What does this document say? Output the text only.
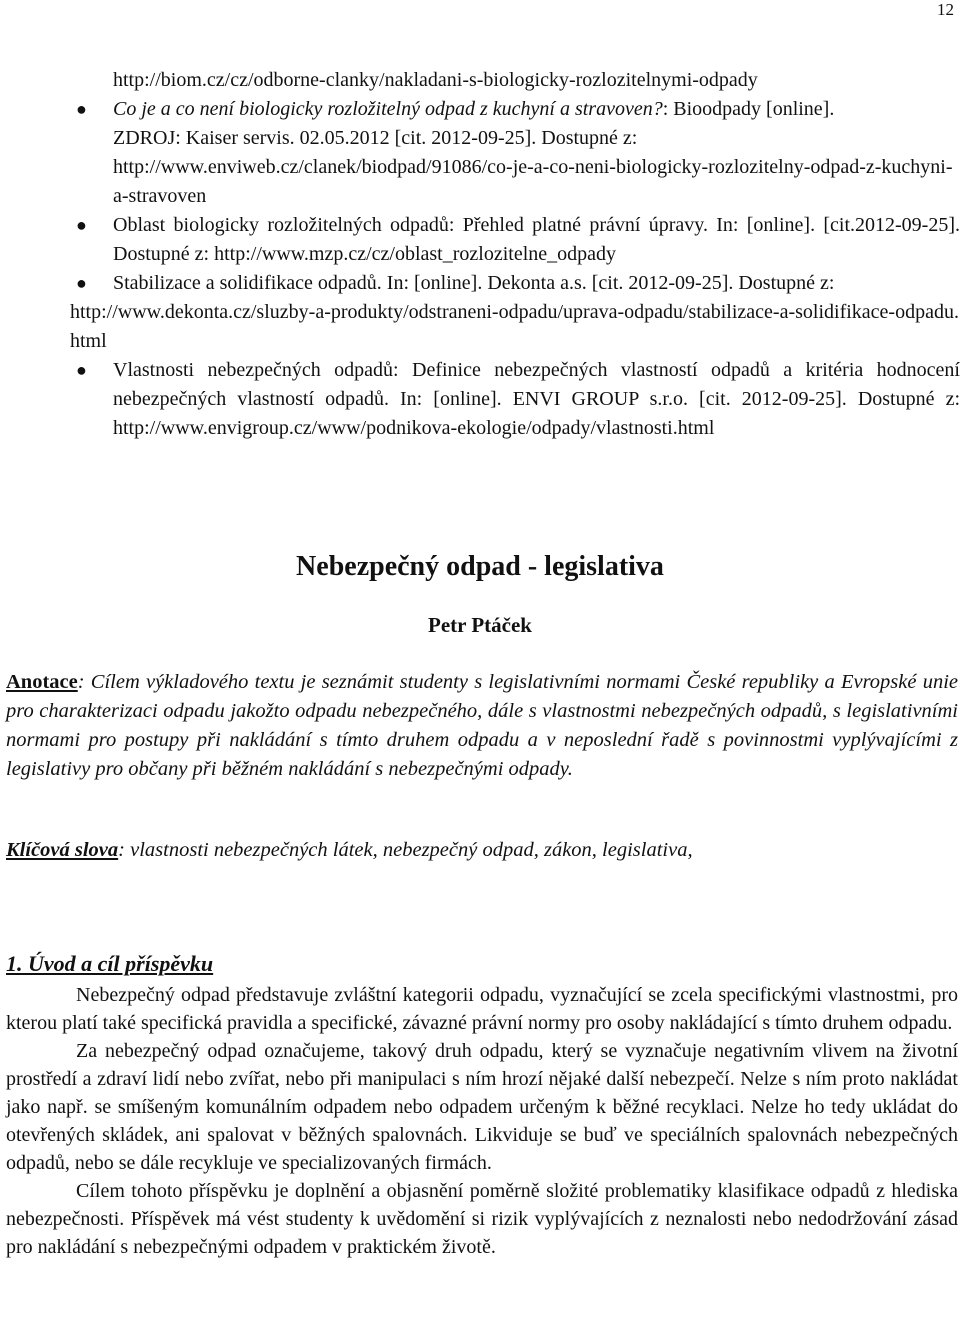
12
http://biom.cz/cz/odborne-clanky/nakladani-s-biologicky-rozlozitelnymi-odpady
● Co je a co není biologicky rozložitelný odpad z kuchyní a stravoven?: Bioodpady [online].
ZDROJ: Kaiser servis. 02.05.2012 [cit. 2012-09-25]. Dostupné z:
http://www.enviweb.cz/clanek/biodpad/91086/co-je-a-co-neni-biologicky-rozlozitelny-odpad-z-kuchyni-a-stravoven
● Oblast biologicky rozložitelných odpadů: Přehled platné právní úpravy. In: [online]. [cit.2012-09-25]. Dostupné z: http://www.mzp.cz/cz/oblast_rozlozitelne_odpady
● Stabilizace a solidifikace odpadů. In: [online]. Dekonta a.s. [cit. 2012-09-25]. Dostupné z:
http://www.dekonta.cz/sluzby-a-produkty/odstraneni-odpadu/uprava-odpadu/stabilizace-a-solidifikace-odpadu.html
● Vlastnosti nebezpečných odpadů: Definice nebezpečných vlastností odpadů a kritéria hodnocení nebezpečných vlastností odpadů. In: [online]. ENVI GROUP s.r.o. [cit. 2012-09-25]. Dostupné z: http://www.envigroup.cz/www/podnikova-ekologie/odpady/vlastnosti.html
Nebezpečný odpad - legislativa
Petr Ptáček

Anotace: Cílem výkladového textu je seznámit studenty s legislativními normami České republiky a Evropské unie pro charakterizaci odpadu jakožto odpadu nebezpečného, dále s vlastnostmi nebezpečných odpadů, s legislativními normami pro postupy při nakládání s tímto druhem odpadu a v neposlední řadě s povinnostmi vyplývajícími z legislativy pro občany při běžném nakládání s nebezpečnými odpady.

Klíčová slova: vlastnosti nebezpečných látek, nebezpečný odpad, zákon, legislativa,

1. Úvod a cíl příspěvku

Nebezpečný odpad představuje zvláštní kategorii odpadu, vyznačující se zcela specifickými vlastnostmi, pro kterou platí také specifická pravidla a specifické, závazné právní normy pro osoby nakládající s tímto druhem odpadu.

Za nebezpečný odpad označujeme, takový druh odpadu, který se vyznačuje negativním vlivem na životní prostředí a zdraví lidí nebo zvířat, nebo při manipulaci s ním hrozí nějaké další nebezpečí. Nelze s ním proto nakládat jako např. se smíšeným komunálním odpadem nebo odpadem určeným k běžné recyklaci. Nelze ho tedy ukládat do otevřených skládek, ani spalovat v běžných spalovnách. Likviduje se buď ve speciálních spalovnách nebezpečných odpadů, nebo se dále recykluje ve specializovaných firmách.

Cílem tohoto příspěvku je doplnění a objasnění poměrně složité problematiky klasifikace odpadů z hlediska nebezpečnosti. Příspěvek má vést studenty k uvědomění si rizik vyplývajících z neznalosti nebo nedodržování zásad pro nakládání s nebezpečnými odpadem v praktickém životě.
